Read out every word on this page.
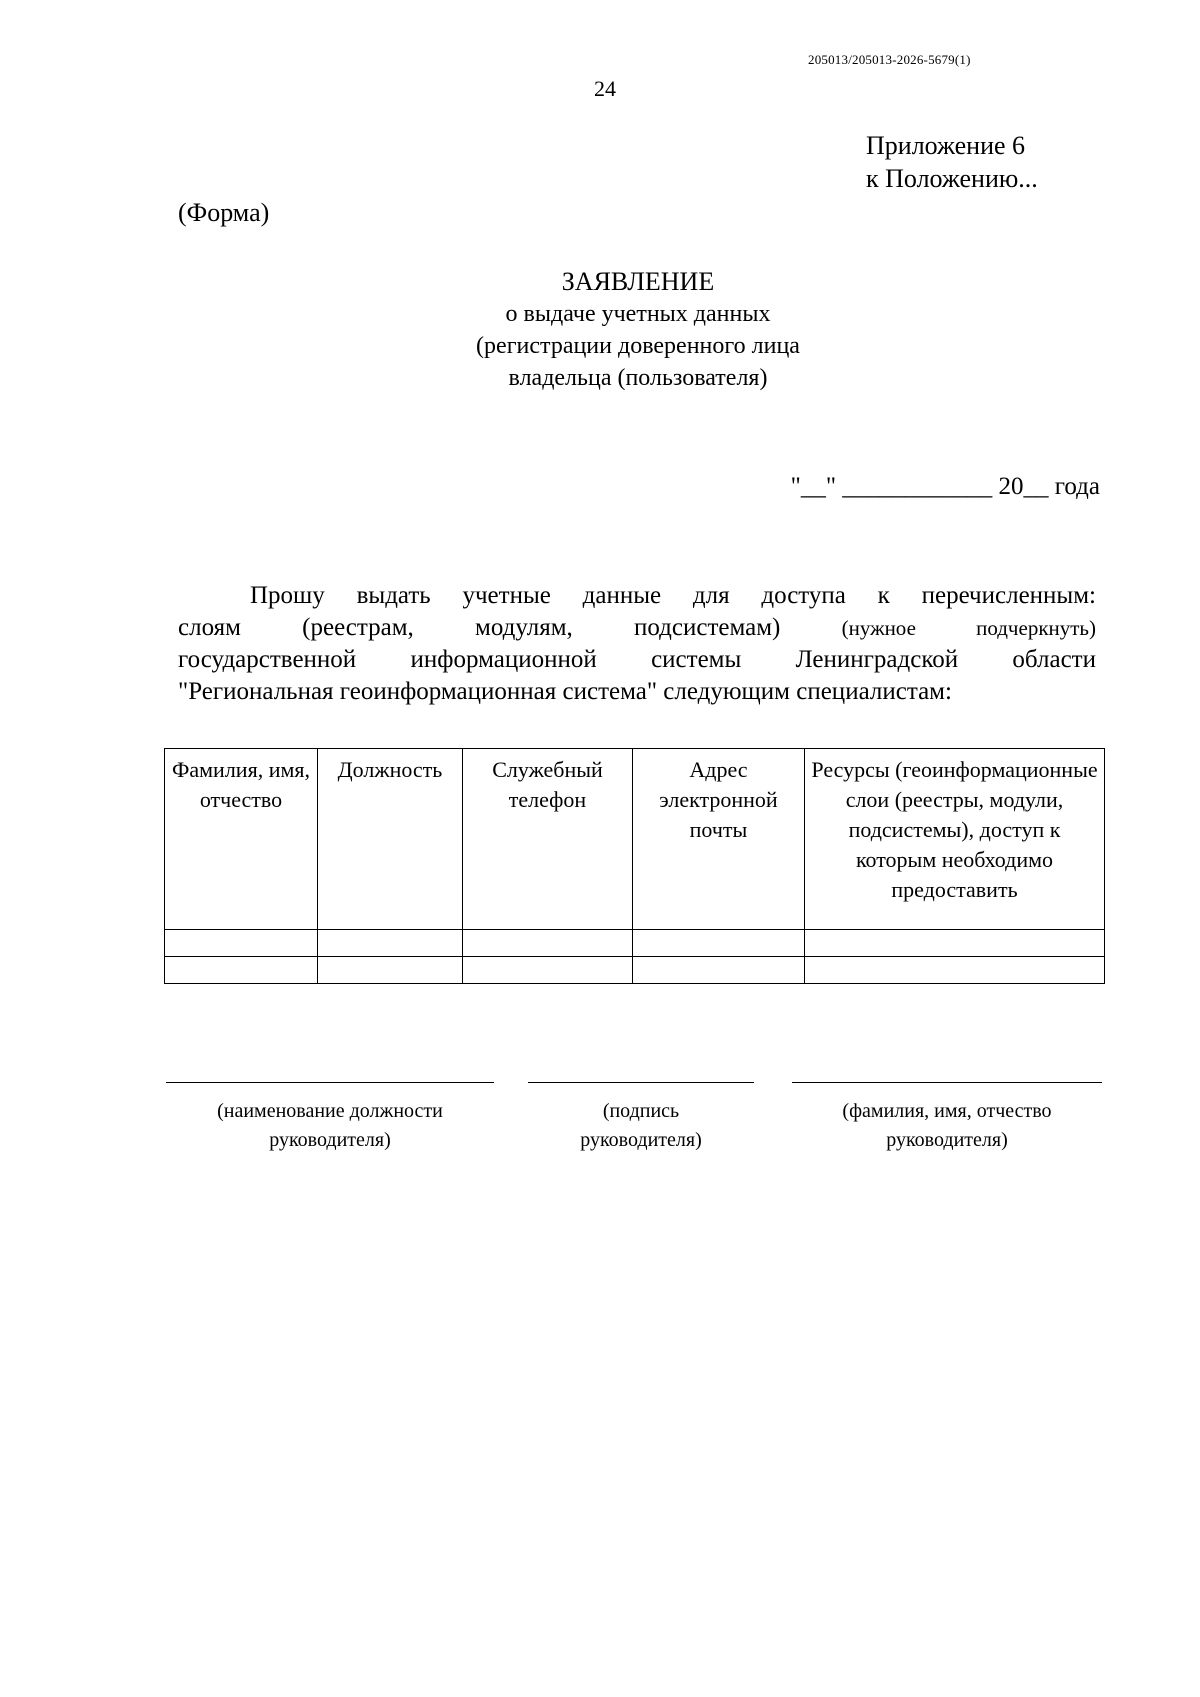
205013/205013-2026-5679(1)
24
Приложение 6
к Положению...
(Форма)
ЗАЯВЛЕНИЕ
о выдаче учетных данных
(регистрации доверенного лица
владельца (пользователя)
"__" ____________ 20__ года

Прошу выдать учетные данные для доступа к перечисленным:

слоям (реестрам, модулям, подсистемам)	(нужное подчеркнуть)

государственной информационной системы Ленинградской области

"Региональная геоинформационная система" следующим специалистам:

Фамилия, имя, отчество	Должность	Служебный телефон	Адрес электронной почты	Ресурсы (геоинформационные слои (реестры, модули, подсистемы), доступ к которым необходимо предоставить

(наименование должности руководителя)
(подпись руководителя)
(фамилия, имя, отчество руководителя)
